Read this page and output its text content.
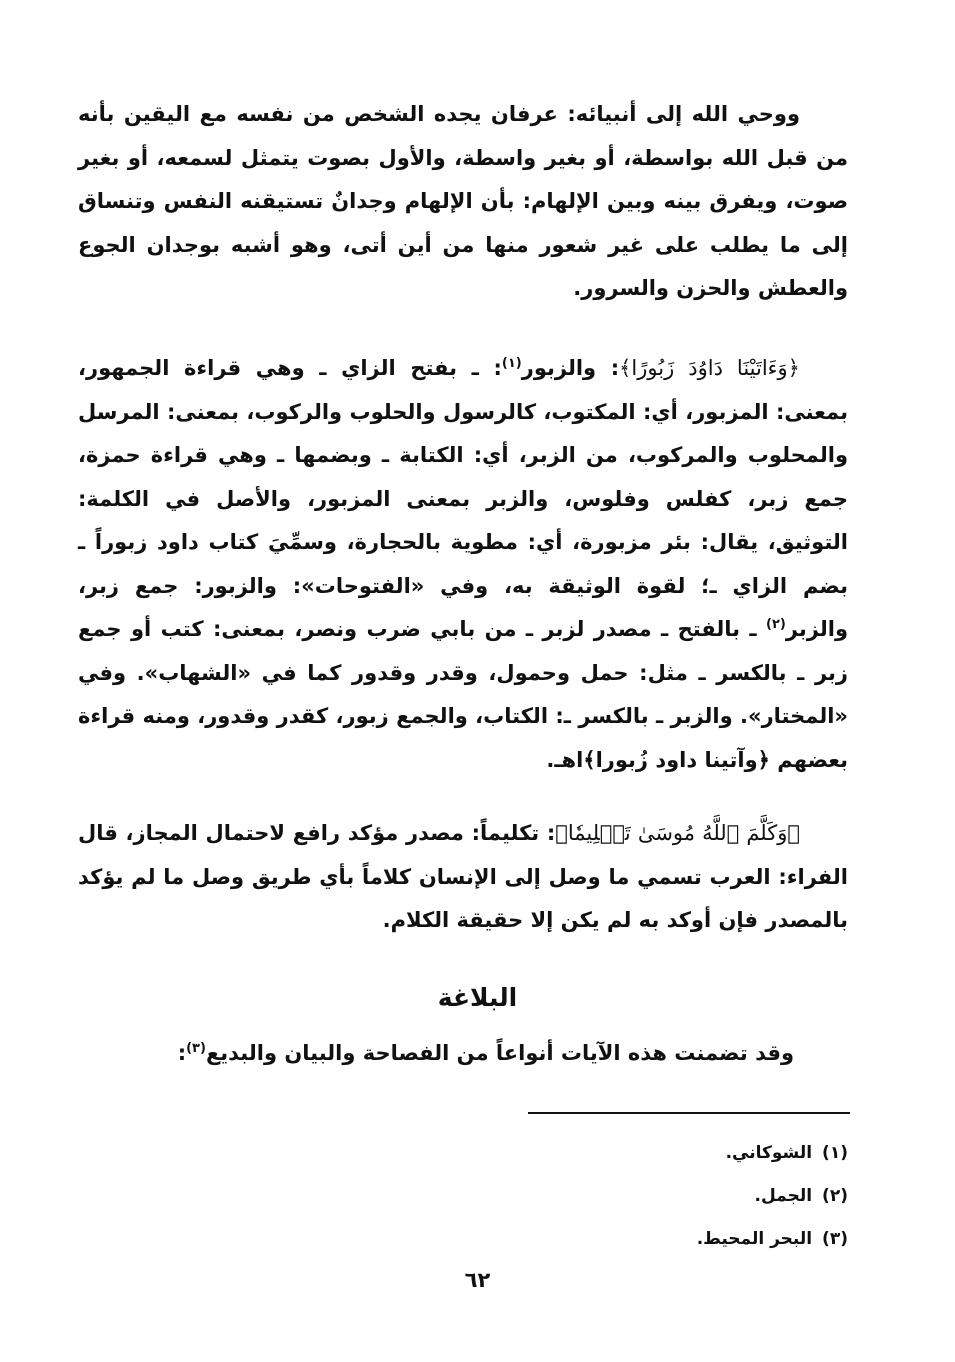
ووحي الله إلى أنبيائه: عرفان يجده الشخص من نفسه مع اليقين بأنه من قبل الله بواسطة، أو بغير واسطة، والأول بصوت يتمثل لسمعه، أو بغير صوت، ويفرق بينه وبين الإلهام: بأن الإلهام وجدانٌ تستيقنه النفس وتنساق إلى ما يطلب على غير شعور منها من أين أتى، وهو أشبه بوجدان الجوع والعطش والحزن والسرور.

﴿وَءَاتَيْنَا دَاوُدَ زَبُورًا﴾: والزبور$^{(١)}$: ـ بفتح الزاي ـ وهي قراءة الجمهور، بمعنى: المزبور، أي: المكتوب، كالرسول والحلوب والركوب، بمعنى: المرسل والمحلوب والمركوب، من الزبر، أي: الكتابة ـ وبضمها ـ وهي قراءة حمزة، جمع زبر، كفلس وفلوس، والزبر بمعنى المزبور، والأصل في الكلمة: التوثيق، يقال: بئر مزبورة، أي: مطوية بالحجارة، وسمِّيَ كتاب داود زبوراً ـ بضم الزاي ـ؛ لقوة الوثيقة به، وفي «الفتوحات»: والزبور: جمع زبر، والزبر$^{(٢)}$ ـ بالفتح ـ مصدر لزبر ـ من بابي ضرب ونصر، بمعنى: كتب أو جمع زبر ـ بالكسر ـ مثل: حمل وحمول، وقدر وقدور كما في «الشهاب». وفي «المختار». والزبر ـ بالكسر ـ: الكتاب، والجمع زبور، كقدر وقدور، ومنه قراءة بعضهم ﴿وآتينا داود زُبورا﴾اهـ.

﴿وَكَلَّمَ ٱللَّهُ مُوسَىٰ تَكۡلِيمٗا﴾: تكليماً: مصدر مؤكد رافع لاحتمال المجاز، قال الفراء: العرب تسمي ما وصل إلى الإنسان كلاماً بأي طريق وصل ما لم يؤكد بالمصدر فإن أوكد به لم يكن إلا حقيقة الكلام.

البلاغة
وقد تضمنت هذه الآيات أنواعاً من الفصاحة والبيان والبديع$^{(٣)}$:
(١)الشوكاني.
(٢)الجمل.
(٣)البحر المحيط.
٦٢
